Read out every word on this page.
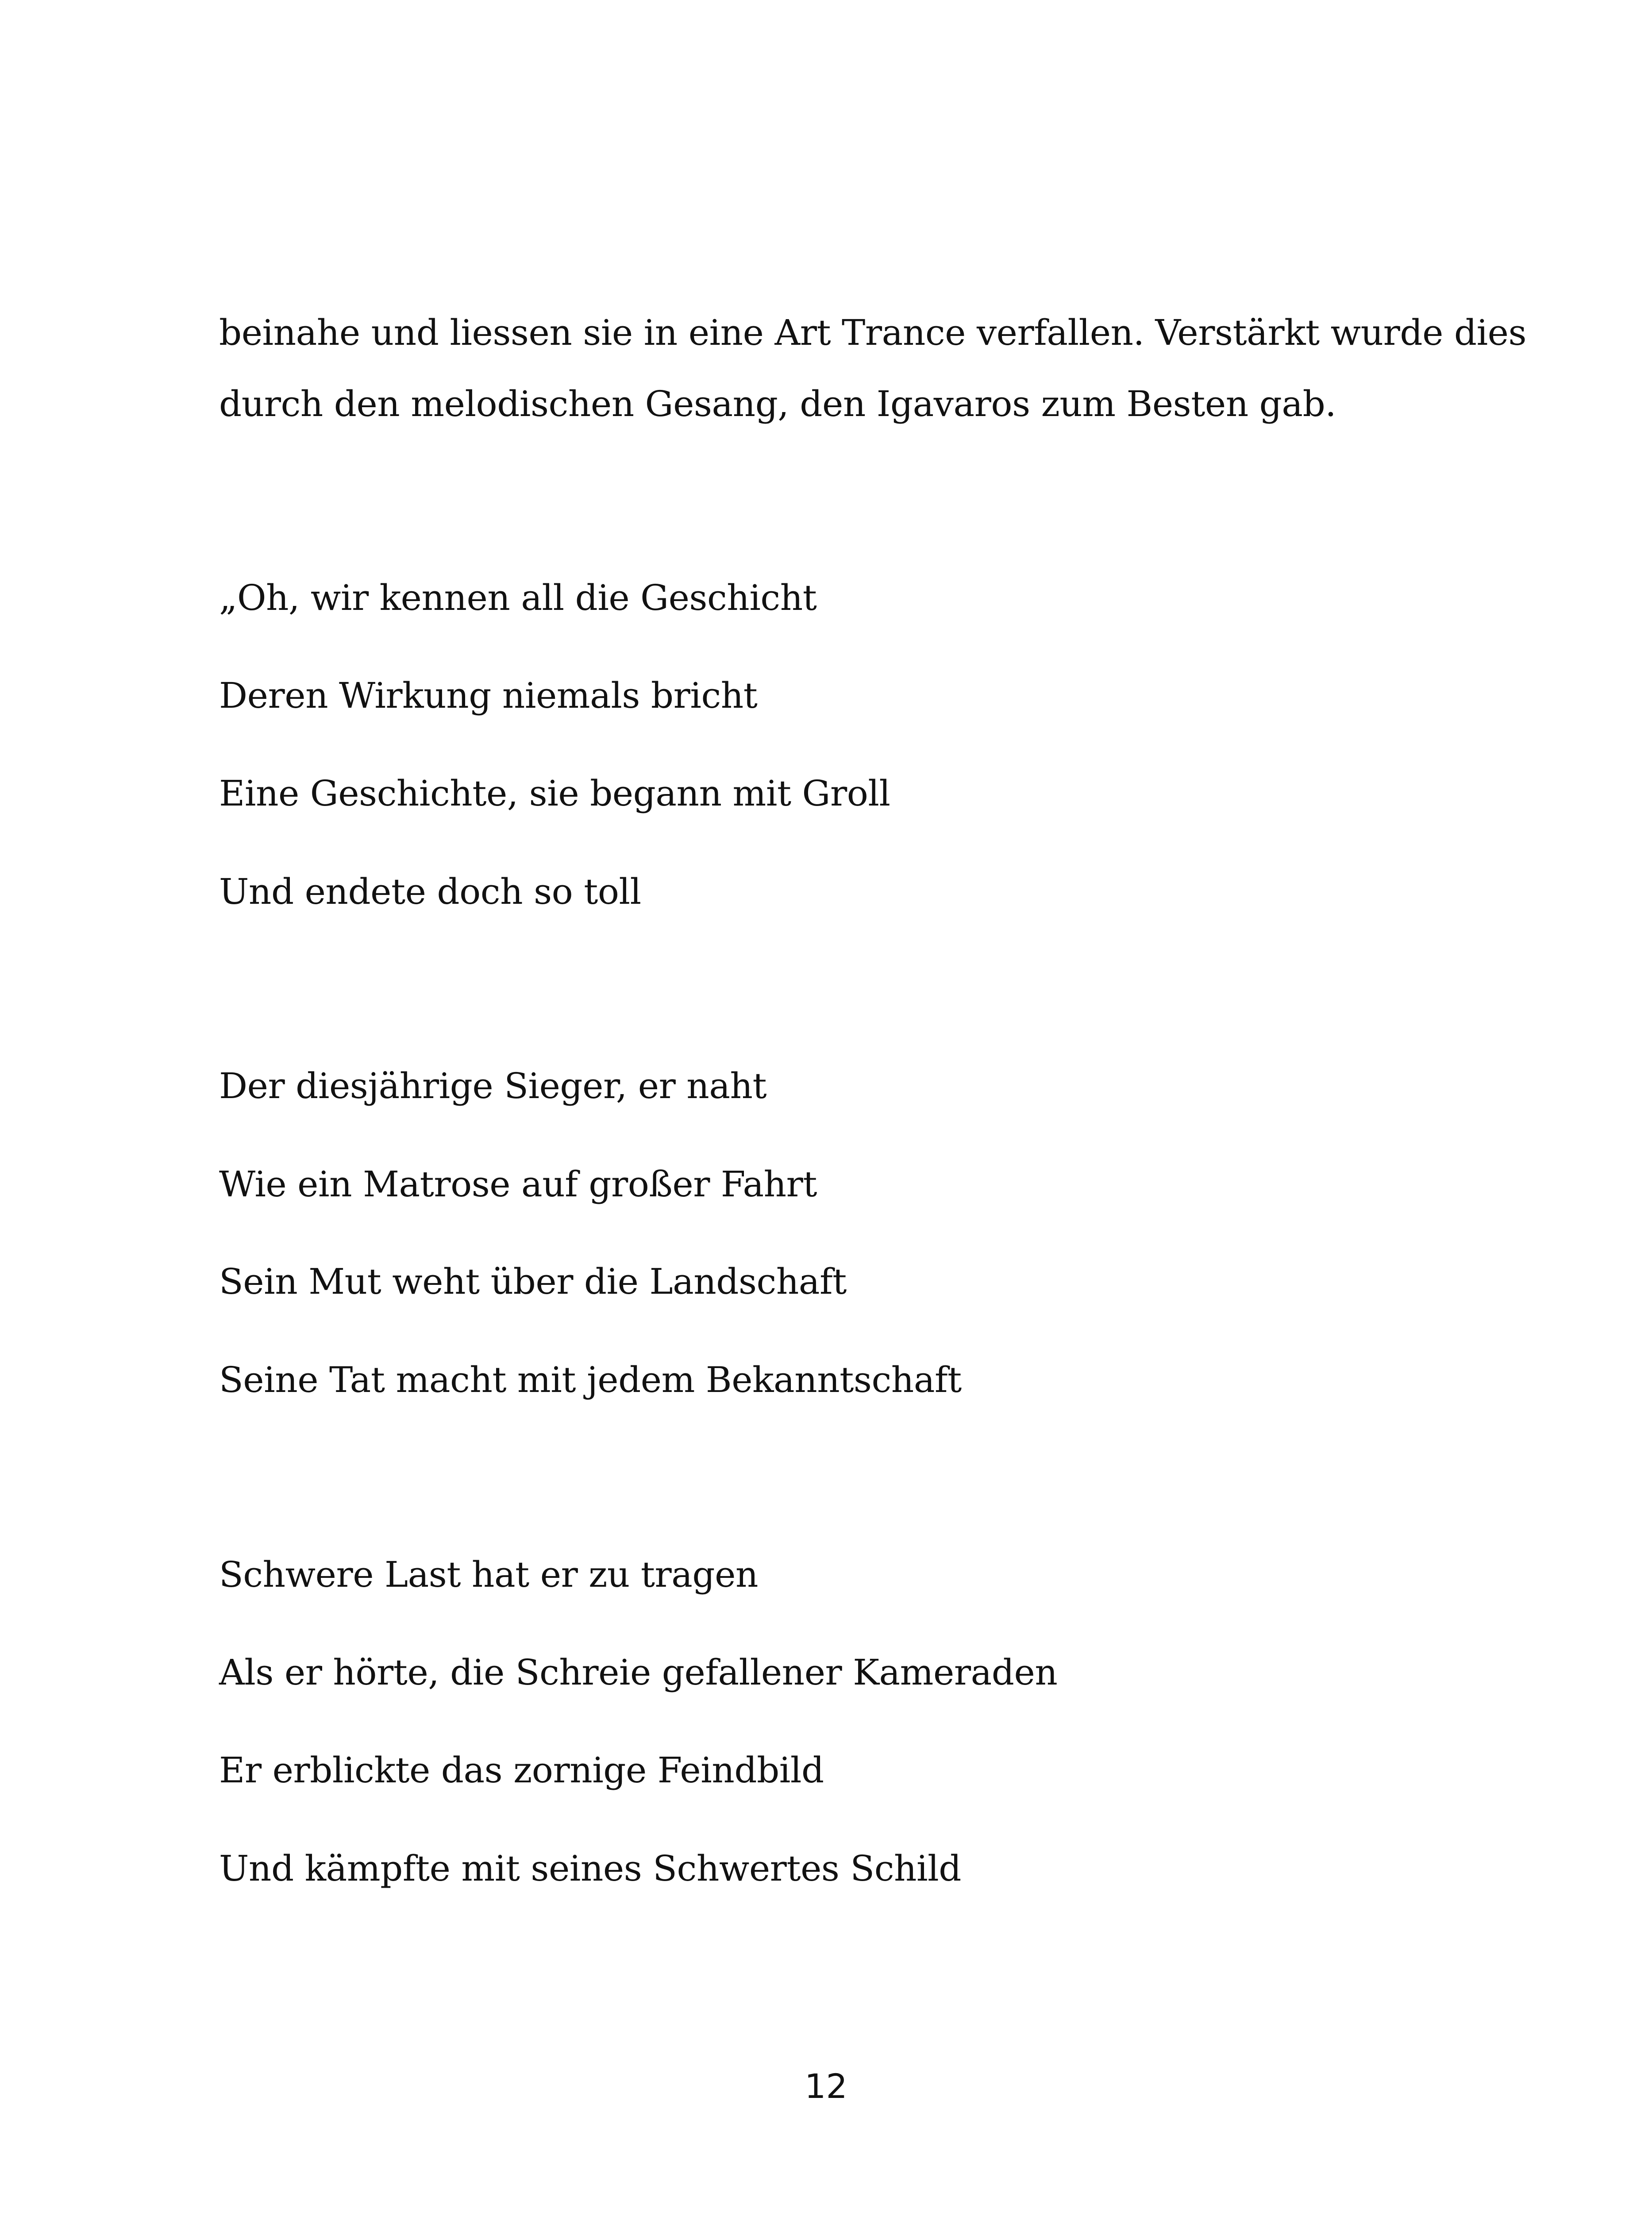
beinahe und liessen sie in eine Art Trance verfallen. Verstärkt wurde dies

durch den melodischen Gesang, den Igavaros zum Besten gab.

„Oh, wir kennen all die Geschicht

Deren Wirkung niemals bricht

Eine Geschichte, sie begann mit Groll

Und endete doch so toll

Der diesjährige Sieger, er naht

Wie ein Matrose auf großer Fahrt

Sein Mut weht über die Landschaft

Seine Tat macht mit jedem Bekanntschaft

Schwere Last hat er zu tragen

Als er hörte, die Schreie gefallener Kameraden

Er erblickte das zornige Feindbild

Und kämpfte mit seines Schwertes Schild

12
